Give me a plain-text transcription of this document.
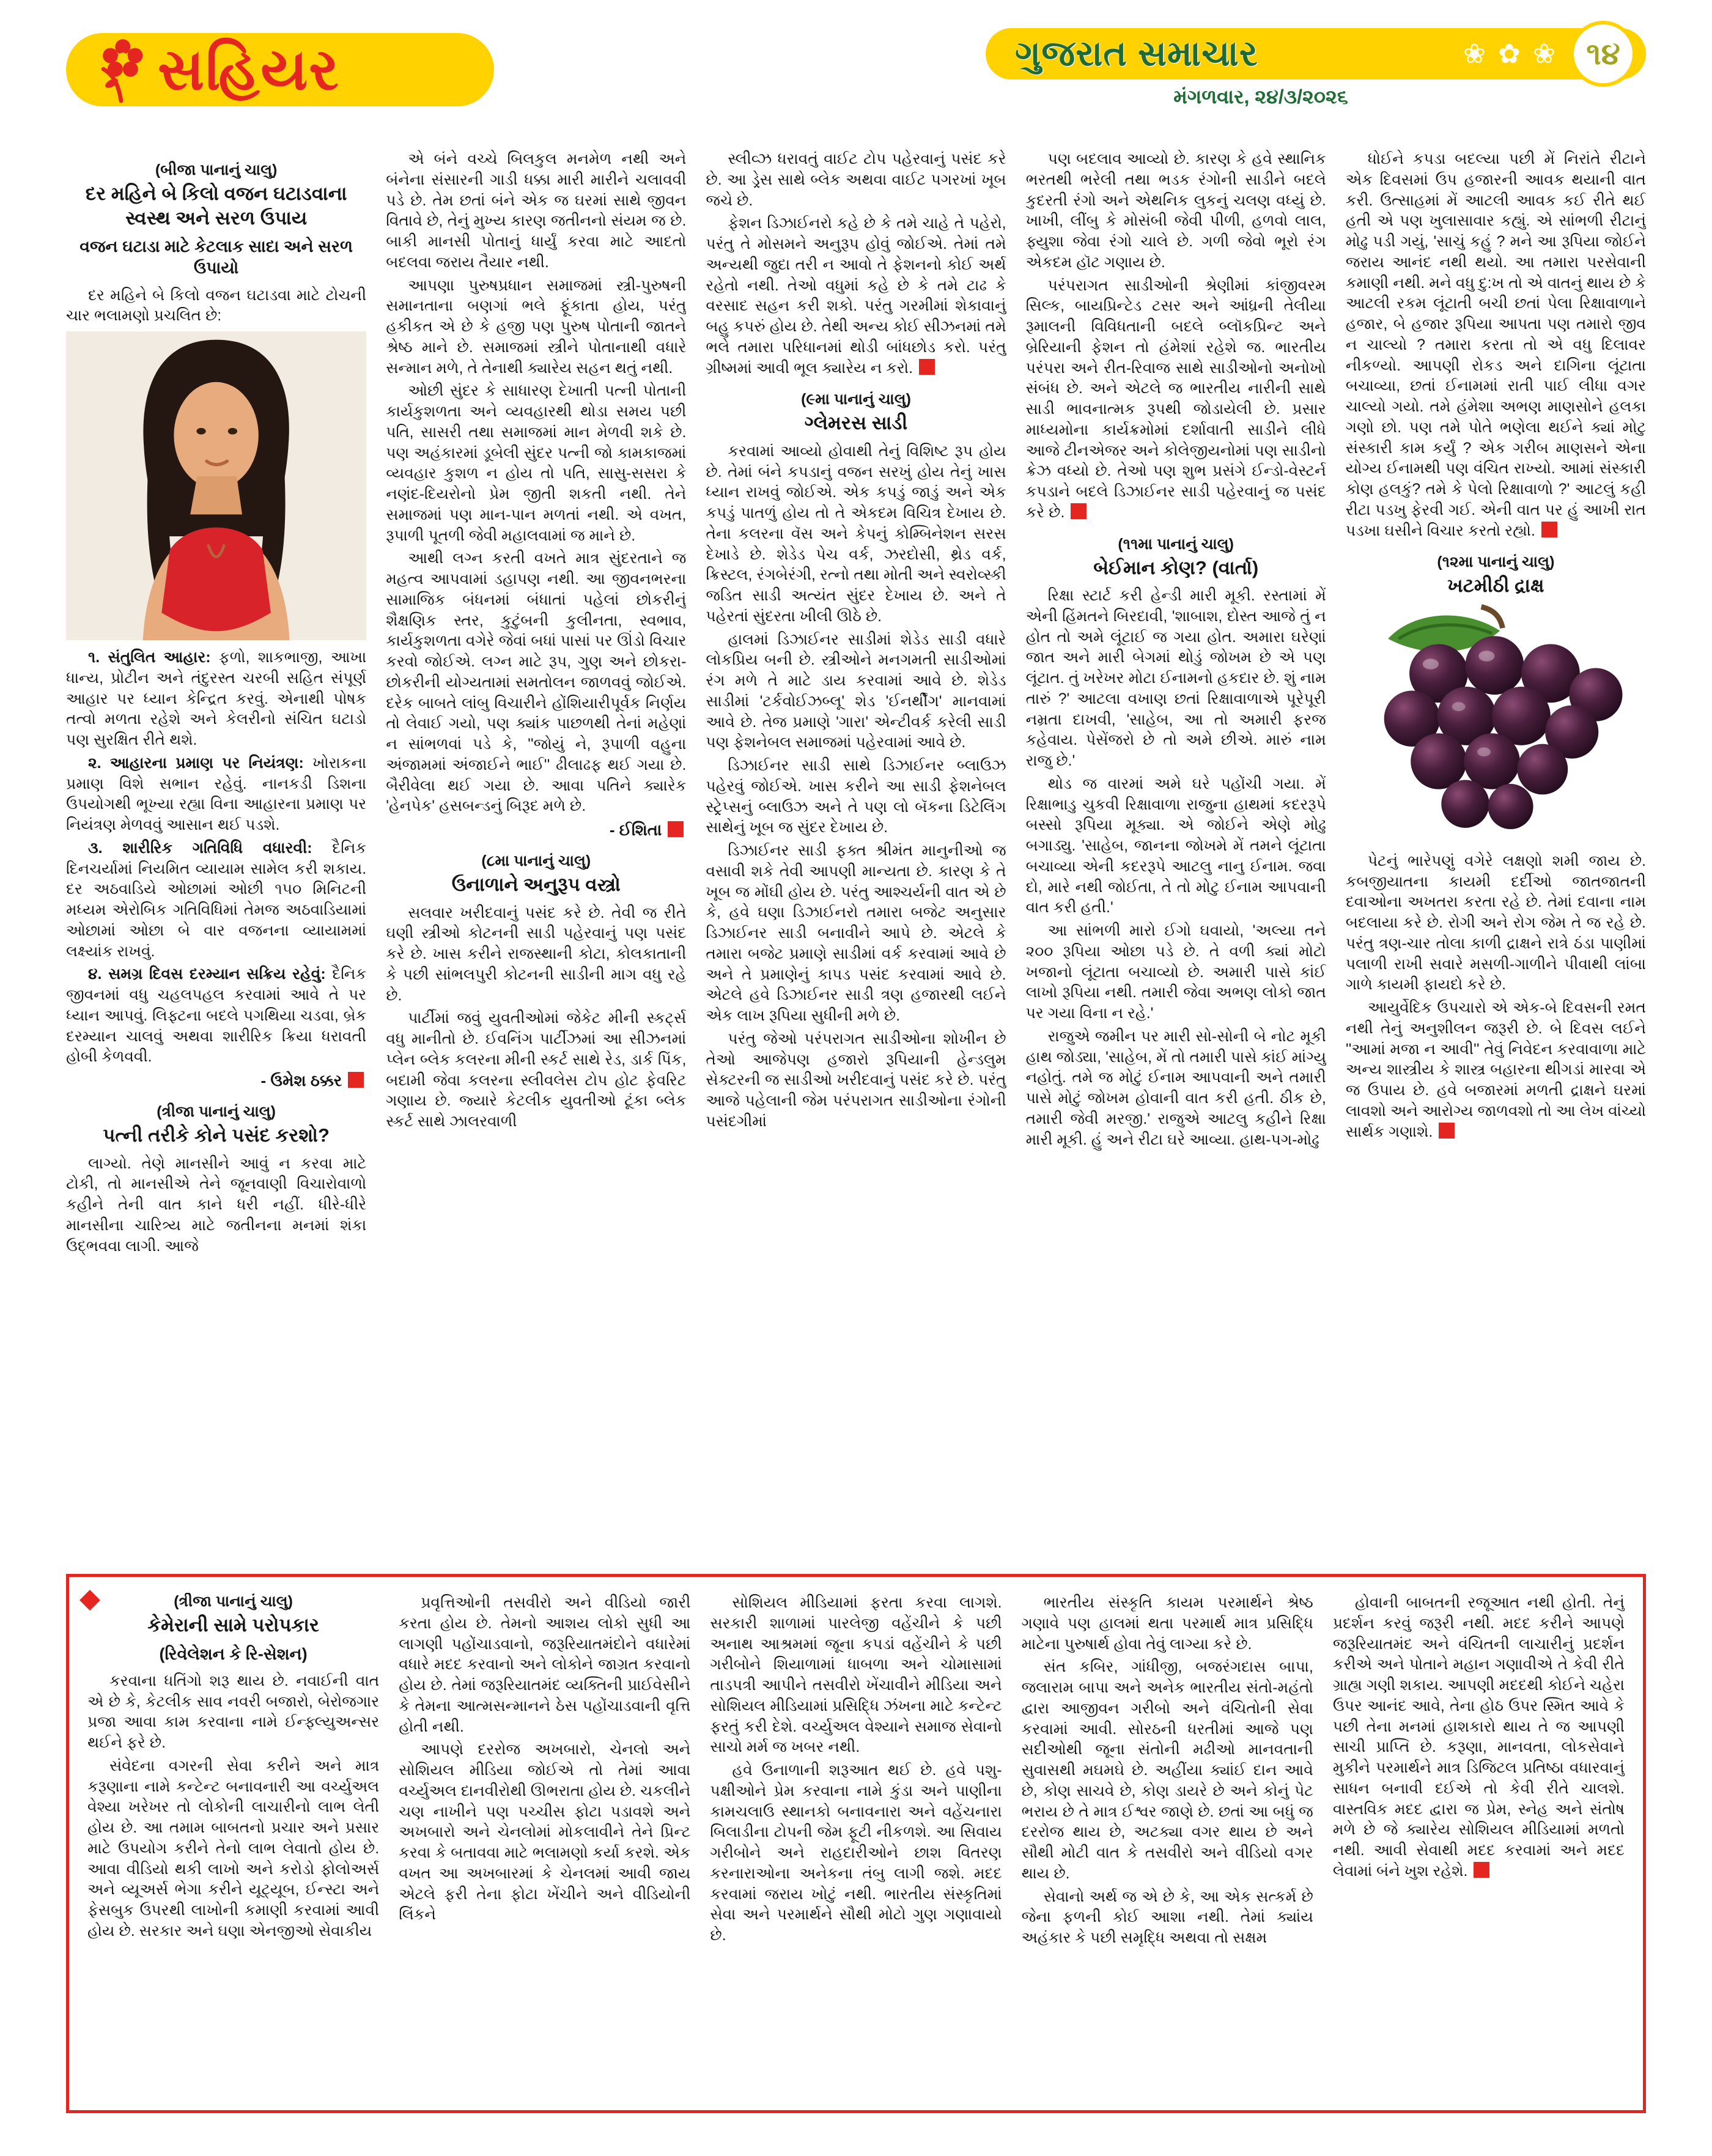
સહિયર	ગુજરાત સમાચાર	❀ ✿ ❀ ૧૪
મંગળવાર, ૨૪/૩/૨૦૨૬
(બીજા પાનાનું ચાલુ)
દર મહિને બે કિલો વજન ઘટાડવાના સ્વસ્થ અને સરળ ઉપાય
વજન ઘટાડા માટે કેટલાક સાદા અને સરળ ઉપાયો

દર મહિને બે કિલો વજન ઘટાડવા માટે ટોચની ચાર ભલામણો પ્રચલિત છે:

૧. સંતુલિત આહાર: ફળો, શાકભાજી, આખા ધાન્ય, પ્રોટીન અને તંદુરસ્ત ચરબી સહિત સંપૂર્ણ આહાર પર ધ્યાન કેન્દ્રિત કરવું. એનાથી પોષક તત્વો મળતા રહેશે અને કેલરીનો સંચિત ઘટાડો પણ સુરક્ષિત રીતે થશે.

૨. આહારના પ્રમાણ પર નિયંત્રણ: ખોરાકના પ્રમાણ વિશે સભાન રહેવું. નાનકડી ડિશના ઉપયોગથી ભૂખ્યા રહ્યા વિના આહારના પ્રમાણ પર નિયંત્રણ મેળવવું આસાન થઈ પડશે.

૩. શારીરિક ગતિવિધિ વધારવી: દૈનિક દિનચર્યામાં નિયમિત વ્યાયામ સામેલ કરી શકાય. દર અઠવાડિયે ઓછામાં ઓછી ૧૫૦ મિનિટની મધ્યમ એરોબિક ગતિવિધિમાં તેમજ અઠવાડિયામાં ઓછામાં ઓછા બે વાર વજનના વ્યાયામમાં લક્ષ્યાંક રાખવું.

૪. સમગ્ર દિવસ દરમ્યાન સક્રિય રહેવું: દૈનિક જીવનમાં વધુ ચહલપહલ કરવામાં આવે તે પર ધ્યાન આપવું. લિફ્ટના બદલે પગથિયા ચડવા, બ્રેક દરમ્યાન ચાલવું અથવા શારીરિક ક્રિયા ધરાવતી હોબી કેળવવી.

- ઉમેશ ઠક્કર
(ત્રીજા પાનાનું ચાલુ)
પત્ની તરીકે કોને પસંદ કરશો?

લાગ્યો. તેણે માનસીને આવું ન કરવા માટે ટોકી, તો માનસીએ તેને જૂનવાણી વિચારોવાળો કહીને તેની વાત કાને ધરી નહીં. ધીરે-ધીરે માનસીના ચારિત્ર્ય માટે જતીનના મનમાં શંકા ઉદ્ભવવા લાગી. આજે

એ બંને વચ્ચે બિલકુલ મનમેળ નથી અને બંનેના સંસારની ગાડી ધક્કા મારી મારીને ચલાવવી પડે છે. તેમ છતાં બંને એક જ ઘરમાં સાથે જીવન વિતાવે છે, તેનું મુખ્ય કારણ જતીનનો સંયમ જ છે. બાકી માનસી પોતાનું ધાર્યું કરવા માટે આદતો બદલવા જરાય તૈયાર નથી.

આપણા પુરુષપ્રધાન સમાજમાં સ્ત્રી-પુરુષની સમાનતાના બણગાં ભલે ફૂંકાતા હોય, પરંતુ હકીકત એ છે કે હજી પણ પુરુષ પોતાની જાતને શ્રેષ્ઠ માને છે. સમાજમાં સ્ત્રીને પોતાનાથી વધારે સન્માન મળે, તે તેનાથી ક્યારેય સહન થતું નથી.

ઓછી સુંદર કે સાધારણ દેખાતી પત્ની પોતાની કાર્યકુશળતા અને વ્યવહારથી થોડા સમય પછી પતિ, સાસરી તથા સમાજમાં માન મેળવી શકે છે. પણ અહંકારમાં ડૂબેલી સુંદર પત્ની જો કામકાજમાં વ્યવહાર કુશળ ન હોય તો પતિ, સાસુ-સસરા કે નણંદ-દિયરોનો પ્રેમ જીતી શકતી નથી. તેને સમાજમાં પણ માન-પાન મળતાં નથી. એ વખત, રૂપાળી પૂતળી જેવી મહાલવામાં જ માને છે.

આથી લગ્ન કરતી વખતે માત્ર સુંદરતાને જ મહત્વ આપવામાં ડહાપણ નથી. આ જીવનભરના સામાજિક બંધનમાં બંધાતાં પહેલાં છોકરીનું શૈક્ષણિક સ્તર, કુટુંબની કુલીનતા, સ્વભાવ, કાર્યકુશળતા વગેરે જેવાં બધાં પાસાં પર ઊંડો વિચાર કરવો જોઈએ. લગ્ન માટે રૂપ, ગુણ અને છોકરા-છોકરીની યોગ્યતામાં સમતોલન જાળવવું જોઈએ. દરેક બાબતે લાંબુ વિચારીને હોંશિયારીપૂર્વક નિર્ણય તો લેવાઈ ગયો, પણ ક્યાંક પાછળથી તેનાં મહેણાં ન સાંભળવાં પડે કે, ''જોયું ને, રૂપાળી વહુના અંજામમાં અંજાઈને ભાઈ'' ઢીલાઢફ થઈ ગયા છે. બૈરીવેલા થઈ ગયા છે. આવા પતિને ક્યારેક 'હેનપેક' હસબન્ડનું બિરૂદ મળે છે.

- ઈશિતા
(૮મા પાનાનું ચાલુ)
ઉનાળાને અનુરૂપ વસ્ત્રો

સલવાર ખરીદવાનું પસંદ કરે છે. તેવી જ રીતે ઘણી સ્ત્રીઓ કોટનની સાડી પહેરવાનું પણ પસંદ કરે છે. ખાસ કરીને રાજસ્થાની કોટા, કોલકાતાની કે પછી સાંભલપુરી કોટનની સાડીની માગ વધુ રહે છે.

પાર્ટીમાં જવું યુવતીઓમાં જેકેટ મીની સ્કર્ટ્સ વધુ માનીતો છે. ઈવનિંગ પાર્ટીઝમાં આ સીઝનમાં પ્લેન બ્લેક કલરના મીની સ્કર્ટ સાથે રેડ, ડાર્ક પિંક, બદામી જેવા કલરના સ્લીવલેસ ટોપ હોટ ફેવરિટ ગણાય છે. જ્યારે કેટલીક યુવતીઓ ટૂંકા બ્લેક સ્કર્ટ સાથે ઝાલરવાળી

સ્લીવ્ઝ ધરાવતું વાઈટ ટોપ પહેરવાનું પસંદ કરે છે. આ ડ્રેસ સાથે બ્લેક અથવા વાઈટ પગરખાં ખૂબ જચે છે.

ફેશન ડિઝાઈનરો કહે છે કે તમે ચાહે તે પહેરો, પરંતુ તે મોસમને અનુરૂપ હોવું જોઈએ. તેમાં તમે અન્યથી જુદા તરી ન આવો તે ફેશનનો કોઈ અર્થ રહેતો નથી. તેઓ વધુમાં કહે છે કે તમે ટાઢ કે વરસાદ સહન કરી શકો. પરંતુ ગરમીમાં શેકાવાનું બહુ કપરું હોય છે. તેથી અન્ય કોઈ સીઝનમાં તમે ભલે તમારા પરિધાનમાં થોડી બાંધછોડ કરો. પરંતુ ગ્રીષ્મમાં આવી ભૂલ ક્યારેય ન કરો.

(૯મા પાનાનું ચાલુ)
ગ્લેમરસ સાડી

કરવામાં આવ્યો હોવાથી તેનું વિશિષ્ટ રૂપ હોય છે. તેમાં બંને કપડાનું વજન સરખું હોય તેનું ખાસ ધ્યાન રાખવું જોઈએ. એક કપડું જાડું અને એક કપડું પાતળું હોય તો તે એકદમ વિચિત્ર દેખાય છે. તેના કલરના વૅસ અને કેપનું કોમ્બિનેશન સરસ દેખાડે છે. શેડેડ પેચ વર્ક, ઝરદોસી, થ્રેડ વર્ક, ક્રિસ્ટલ, રંગબેરંગી, રત્નો તથા મોતી અને સ્વરોવ્સ્કી જડિત સાડી અત્યંત સુંદર દેખાય છે. અને તે પહેરતાં સુંદરતા ખીલી ઊઠે છે.

હાલમાં ડિઝાઈનર સાડીમાં શેડેડ સાડી વધારે લોકપ્રિય બની છે. સ્ત્રીઓને મનગમતી સાડીઓમાં રંગ મળે તે માટે ડાય કરવામાં આવે છે. શેડેડ સાડીમાં 'ટર્કવોઈઝબ્લૂ' શેડ 'ઈનર્થીંગ' માનવામાં આવે છે. તેજ પ્રમાણે 'ગારા' એન્ટીવર્ક કરેલી સાડી પણ ફેશનેબલ સમાજમાં પહેરવામાં આવે છે.

ડિઝાઈનર સાડી સાથે ડિઝાઈનર બ્લાઉઝ પહેરવું જોઈએ. ખાસ કરીને આ સાડી ફેશનેબલ સ્ટ્રેપ્સનું બ્લાઉઝ અને તે પણ લો બૅકના ડિટેલિંગ સાથેનું ખૂબ જ સુંદર દેખાય છે.

ડિઝાઈનર સાડી ફક્ત શ્રીમંત માનુનીઓ જ વસાવી શકે તેવી આપણી માન્યતા છે. કારણ કે તે ખૂબ જ મોંઘી હોય છે. પરંતુ આશ્ચર્યની વાત એ છે કે, હવે ઘણા ડિઝાઈનરો તમારા બજેટ અનુસાર ડિઝાઈનર સાડી બનાવીને આપે છે. એટલે કે તમારા બજેટ પ્રમાણે સાડીમાં વર્ક કરવામાં આવે છે અને તે પ્રમાણેનું કાપડ પસંદ કરવામાં આવે છે. એટલે હવે ડિઝાઈનર સાડી ત્રણ હજારથી લઈને એક લાખ રૂપિયા સુધીની મળે છે.

પરંતુ જેઓ પરંપરાગત સાડીઓના શોખીન છે તેઓ આજેપણ હજારો રૂપિયાની હેન્ડલુમ સેક્ટરની જ સાડીઓ ખરીદવાનું પસંદ કરે છે. પરંતુ આજે પહેલાની જેમ પરંપરાગત સાડીઓના રંગોની પસંદગીમાં

પણ બદલાવ આવ્યો છે. કારણ કે હવે સ્થાનિક ભરતથી ભરેલી તથા ભડક રંગોની સાડીને બદલે કુદરતી રંગો અને એથનિક લુકનું ચલણ વધ્યું છે. ખાખી, લીંબુ કે મોસંબી જેવી પીળી, હળવો લાલ, ફ્યુશા જેવા રંગો ચાલે છે. ગળી જેવો ભૂરો રંગ એકદમ હૉટ ગણાય છે.

પરંપરાગત સાડીઓની શ્રેણીમાં કાંજીવરમ સિલ્ક, બાયપ્રિન્ટેડ ટસર અને આંધ્રની તેલીયા રૂમાલની વિવિધતાની બદલે બ્લૉકપ્રિન્ટ અને બ્રેરિયાની ફેશન તો હંમેશાં રહેશે જ. ભારતીય પરંપરા અને રીત-રિવાજ સાથે સાડીઓનો અનોખો સંબંધ છે. અને એટલે જ ભારતીય નારીની સાથે સાડી ભાવનાત્મક રૂપથી જોડાયેલી છે. પ્રસાર માધ્યમોના કાર્યક્રમોમાં દર્શાવાતી સાડીને લીધે આજે ટીનએજર અને કોલેજીયનોમાં પણ સાડીનો ક્રેઝ વધ્યો છે. તેઓ પણ શુભ પ્રસંગે ઈન્ડો-વેસ્ટર્ન કપડાને બદલે ડિઝાઈનર સાડી પહેરવાનું જ પસંદ કરે છે.

(૧૧મા પાનાનું ચાલુ)
બેઈમાન કોણ? (વાર્તા)

રિક્ષા સ્ટાર્ટ કરી હેન્ડી મારી મૂકી. રસ્તામાં મેં એની હિંમતને બિરદાવી, 'શાબાશ, દોસ્ત આજે તું ન હોત તો અમે લૂંટાઈ જ ગયા હોત. અમારા ઘરેણાં જાત અને મારી બેગમાં થોડું જોખમ છે એ પણ લૂંટાત. તું ખરેખર મોટા ઈનામનો હકદાર છે. શું નામ તારું ?' આટલા વખાણ છતાં રિક્ષાવાળાએ પૂરેપૂરી નમ્રતા દાખવી, 'સાહેબ, આ તો અમારી ફરજ કહેવાય. પેસેંજરો છે તો અમે છીએ. મારું નામ રાજુ છે.'

થોડ જ વારમાં અમે ઘરે પહોંચી ગયા. મેં રિક્ષાભાડુ ચુકવી રિક્ષાવાળા રાજુના હાથમાં કદરરૂપે બસ્સો રૂપિયા મૂક્યા. એ જોઈને એણે મોઢુ બગાડ્યુ. 'સાહેબ, જાનના જોખમે મેં તમને લૂંટાતા બચાવ્યા એની કદરરૂપે આટલુ નાનુ ઈનામ. જવા દો, મારે નથી જોઈતા, તે તો મોટુ ઈનામ આપવાની વાત કરી હતી.'

આ સાંભળી મારો ઈગો ઘવાયો, 'અલ્યા તને ૨૦૦ રૂપિયા ઓછા પડે છે. તે વળી ક્યાં મોટો ખજાનો લૂંટાતા બચાવ્યો છે. અમારી પાસે કાંઈ લાખો રૂપિયા નથી. તમારી જેવા અભણ લોકો જાત પર ગયા વિના ન રહે.'

રાજુએ જમીન પર મારી સો-સોની બે નોટ મૂકી હાથ જોડ્યા, 'સાહેબ, મેં તો તમારી પાસે કાંઈ માંગ્યુ નહોતું. તમે જ મોટું ઈનામ આપવાની અને તમારી પાસે મોટું જોખમ હોવાની વાત કરી હતી. ઠીક છે, તમારી જેવી મરજી.' રાજુએ આટલુ કહીને રિક્ષા મારી મૂકી. હું અને રીટા ઘરે આવ્યા. હાથ-પગ-મોઢુ

ધોઈને કપડા બદલ્યા પછી મેં નિરાંતે રીટાને એક દિવસમાં ઉપ હજારની આવક થયાની વાત કરી. ઉત્સાહમાં મેં આટલી આવક કઈ રીતે થઈ હતી એ પણ ખુલાસાવાર કહ્યું. એ સાંભળી રીટાનું મોઢુ પડી ગયું, 'સાચું કહું ? મને આ રૂપિયા જોઈને જરાય આનંદ નથી થયો. આ તમારા પરસેવાની કમાણી નથી. મને વધુ દુ:ખ તો એ વાતનું થાય છે કે આટલી રકમ લૂંટાતી બચી છતાં પેલા રિક્ષાવાળાને હજાર, બે હજાર રૂપિયા આપતા પણ તમારો જીવ ન ચાલ્યો ? તમારા કરતા તો એ વધુ દિલાવર નીકળ્યો. આપણી રોકડ અને દાગિના લૂંટાતા બચાવ્યા, છતાં ઈનામમાં રાતી પાઈ લીધા વગર ચાલ્યો ગયો. તમે હંમેશા અભણ માણસોને હલકા ગણો છો. પણ તમે પોતે ભણેલા થઈને ક્યાં મોટુ સંસ્કારી કામ કર્યું ? એક ગરીબ માણસને એના યોગ્ય ઈનામથી પણ વંચિત રાખ્યો. આમાં સંસ્કારી કોણ હલકું? તમે કે પેલો રિક્ષાવાળો ?' આટલું કહી રીટા પડખુ ફેરવી ગઈ. એની વાત પર હું આખી રાત પડખા ઘસીને વિચાર કરતો રહ્યો.

(૧૨મા પાનાનું ચાલુ)
ખટમીઠી દ્રાક્ષ

પેટનું ભારેપણું વગેરે લક્ષણો શમી જાય છે. કબજીયાતના કાયમી દર્દીઓ જાતજાતની દવાઓના અખતરા કરતા રહે છે. તેમાં દવાના નામ બદલાયા કરે છે. રોગી અને રોગ જેમ તે જ રહે છે. પરંતુ ત્રણ-ચાર તોલા કાળી દ્રાક્ષને રાત્રે ઠંડા પાણીમાં પલાળી રાખી સવારે મસળી-ગાળીને પીવાથી લાંબા ગાળે કાયમી ફાયદો કરે છે.

આયુર્વેદિક ઉપચારો એ એક-બે દિવસની રમત નથી તેનું અનુશીલન જરૂરી છે. બે દિવસ લઈને ''આમાં મજા ન આવી'' તેવું નિવેદન કરવાવાળા માટે અન્ય શાસ્ત્રીય કે શાસ્ત્ર બહારના થીગડાં મારવા એ જ ઉપાય છે. હવે બજારમાં મળતી દ્રાક્ષને ઘરમાં લાવશો અને આરોગ્ય જાળવશો તો આ લેખ વાંચ્યો સાર્થક ગણાશે.

(ત્રીજા પાનાનું ચાલુ)
કેમેરાની સામે પરોપકાર
(રિવેલેશન કે રિ-સેશન)

કરવાના ધતિંગો શરૂ થાય છે. નવાઈની વાત એ છે કે, કેટલીક સાવ નવરી બજારો, બેરોજગાર પ્રજા આવા કામ કરવાના નામે ઈન્ફ્લ્યુઅન્સર થઈને ફરે છે.

સંવેદના વગરની સેવા કરીને અને માત્ર કરૂણાના નામે કન્ટેન્ટ બનાવનારી આ વર્ચ્યુઅલ વેશ્યા ખરેખર તો લોકોની લાચારીનો લાભ લેતી હોય છે. આ તમામ બાબતનો પ્રચાર અને પ્રસાર માટે ઉપયોગ કરીને તેનો લાભ લેવાતો હોય છે. આવા વીડિયો થકી લાખો અને કરોડો ફોલોઅર્સ અને વ્યૂઅર્સ ભેગા કરીને યૂટ્યૂબ, ઈન્સ્ટા અને ફેસબુક ઉપરથી લાખોની કમાણી કરવામાં આવી હોય છે. સરકાર અને ઘણા એનજીઓ સેવાકીય

પ્રવૃત્તિઓની તસવીરો અને વીડિયો જારી કરતા હોય છે. તેમનો આશય લોકો સુધી આ લાગણી પહોંચાડવાનો, જરૂરિયાતમંદોને વધારેમાં વધારે મદદ કરવાનો અને લોકોને જાગ્રત કરવાનો હોય છે. તેમાં જરૂરિયાતમંદ વ્યક્તિની પ્રાઈવેસીને કે તેમના આત્મસન્માનને ઠેસ પહોંચાડવાની વૃત્તિ હોતી નથી.

આપણે દરરોજ અખબારો, ચેનલો અને સોશિયલ મીડિયા જોઈએ તો તેમાં આવા વર્ચ્યુઅલ દાનવીરોથી ઊભરાતા હોય છે. ચકલીને ચણ નાખીને પણ પચ્ચીસ ફોટા પડાવશે અને અખબારો અને ચેનલોમાં મોકલાવીને તેને પ્રિન્ટ કરવા કે બતાવવા માટે ભલામણો કર્યા કરશે. એક વખત આ અખબારમાં કે ચેનલમાં આવી જાય એટલે ફરી તેના ફોટા ખેંચીને અને વીડિયોની લિંકને

સોશિયલ મીડિયામાં ફરતા કરવા લાગશે. સરકારી શાળામાં પારલેજી વહેંચીને કે પછી અનાથ આશ્રમમાં જૂના કપડાં વહેંચીને કે પછી ગરીબોને શિયાળામાં ધાબળા અને ચોમાસામાં તાડપત્રી આપીને તસવીરો ખેંચાવીને મીડિયા અને સોશિયલ મીડિયામાં પ્રસિદ્ધિ ઝંખના માટે કન્ટેન્ટ ફરતું કરી દેશે. વર્ચ્યુઅલ વેશ્યાને સમાજ સેવાનો સાચો મર્મ જ ખબર નથી.

હવે ઉનાળાની શરૂઆત થઈ છે. હવે પશુ-પક્ષીઓને પ્રેમ કરવાના નામે કુંડા અને પાણીના કામચલાઉ સ્થાનકો બનાવનારા અને વહેંચનારા બિલાડીના ટોપની જેમ ફૂટી નીકળશે. આ સિવાય ગરીબોને અને રાહદારીઓને છાશ વિતરણ કરનારાઓના અનેકના તંબુ લાગી જશે. મદદ કરવામાં જરાય ખોટું નથી. ભારતીય સંસ્કૃતિમાં સેવા અને પરમાર્થને સૌથી મોટો ગુણ ગણાવાયો છે.

ભારતીય સંસ્કૃતિ કાયમ પરમાર્થને શ્રેષ્ઠ ગણાવે પણ હાલમાં થતા પરમાર્થ માત્ર પ્રસિદ્ધિ માટેના પુરુષાર્થ હોવા તેવું લાગ્યા કરે છે.

સંત કબિર, ગાંધીજી, બજરંગદાસ બાપા, જલારામ બાપા અને અનેક ભારતીય સંતો-મહંતો દ્વારા આજીવન ગરીબો અને વંચિતોની સેવા કરવામાં આવી. સોરઠની ધરતીમાં આજે પણ સદીઓથી જૂના સંતોની મઢીઓ માનવતાની સુવાસથી મઘમઘે છે. અહીંયા ક્યાંઈ દાન આવે છે, કોણ સાચવે છે, કોણ ડાયરે છે અને કોનું પેટ ભરાય છે તે માત્ર ઈશ્વર જાણે છે. છતાં આ બધું જ દરરોજ થાય છે, અટક્યા વગર થાય છે અને સૌથી મોટી વાત કે તસવીરો અને વીડિયો વગર થાય છે.

સેવાનો અર્થ જ એ છે કે, આ એક સત્કર્મ છે જેના ફળની કોઈ આશા નથી. તેમાં ક્યાંય અહંકાર કે પછી સમૃદ્ધિ અથવા તો સક્ષમ

હોવાની બાબતની રજૂઆત નથી હોતી. તેનું પ્રદર્શન કરવું જરૂરી નથી. મદદ કરીને આપણે જરૂરિયાતમંદ અને વંચિતની લાચારીનું પ્રદર્શન કરીએ અને પોતાને મહાન ગણાવીએ તે કેવી રીતે ગ્રાહ્ય ગણી શકાય. આપણી મદદથી કોઈને ચહેરા ઉપર આનંદ આવે, તેના હોઠ ઉપર સ્મિત આવે કે પછી તેના મનમાં હાશકારો થાય તે જ આપણી સાચી પ્રાપ્તિ છે. કરૂણા, માનવતા, લોકસેવાને મુકીને પરમાર્થને માત્ર ડિજિટલ પ્રતિષ્ઠા વધારવાનું સાધન બનાવી દઈએ તો કેવી રીતે ચાલશે. વાસ્તવિક મદદ દ્વારા જ પ્રેમ, સ્નેહ અને સંતોષ મળે છે જે ક્યારેય સોશિયલ મીડિયામાં મળતો નથી. આવી સેવાથી મદદ કરવામાં અને મદદ લેવામાં બંને ખુશ રહેશે.
